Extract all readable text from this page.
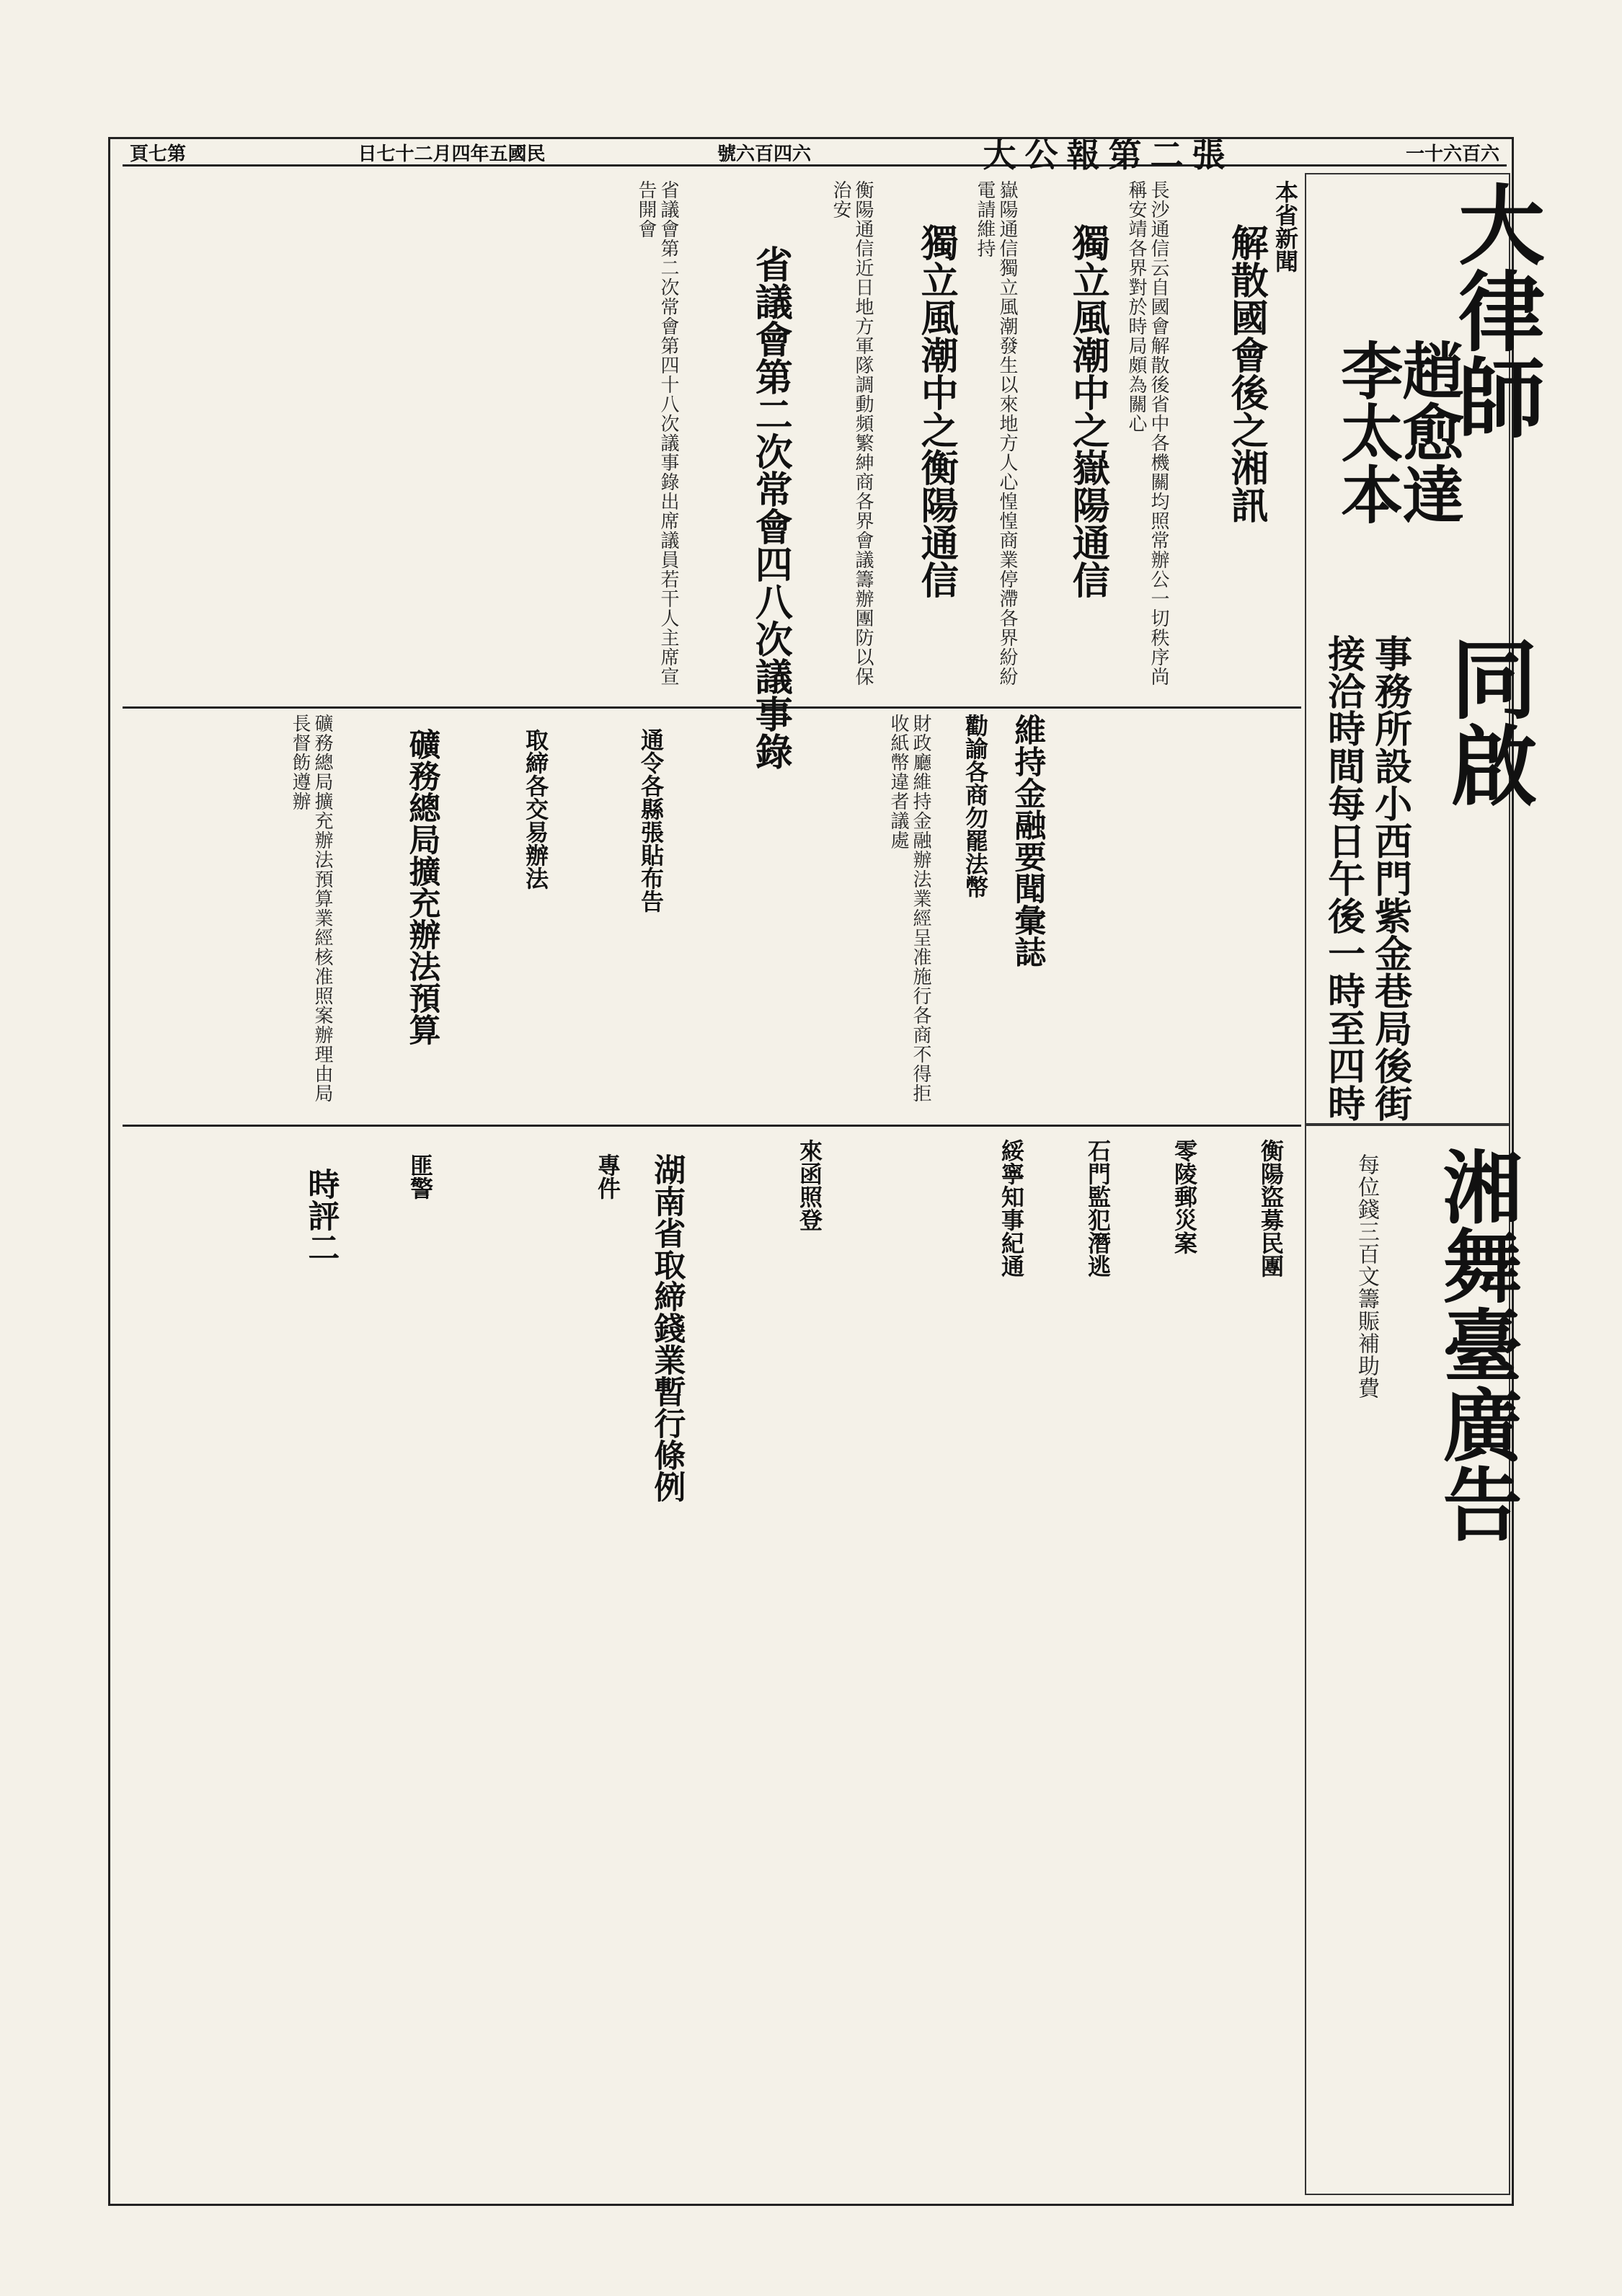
頁七第	日七十二月四年五國民	號六百四六	大公報第二張	一十六百六
大律師
趙愈達
李太本
同啟
事務所設小西門紫金巷局後街
接洽時間每日午後一時至四時
湘舞臺廣告
每位錢三百文籌賑補助費
本省新聞
解散國會後之湘訊
長沙通信云自國會解散後省中各機關均照常辦公一切秩序尚稱安靖各界對於時局頗為關心
獨立風潮中之嶽陽通信
嶽陽通信獨立風潮發生以來地方人心惶惶商業停滯各界紛紛電請維持
獨立風潮中之衡陽通信
衡陽通信近日地方軍隊調動頻繁紳商各界會議籌辦團防以保治安
省議會第二次常會四八次議事錄
省議會第二次常會第四十八次議事錄出席議員若干人主席宣告開會
維持金融要聞彙誌
勸諭各商勿罷法幣
財政廳維持金融辦法業經呈准施行各商不得拒收紙幣違者議處
通令各縣張貼布告
取締各交易辦法
礦務總局擴充辦法預算
礦務總局擴充辦法預算業經核准照案辦理由局長督飭遵辦
衡陽盜募民團
零陵郵災案
石門監犯潛逃
綏寧知事紀通
來函照登
湖南省取締錢業暫行條例
專件
匪警
時評二
